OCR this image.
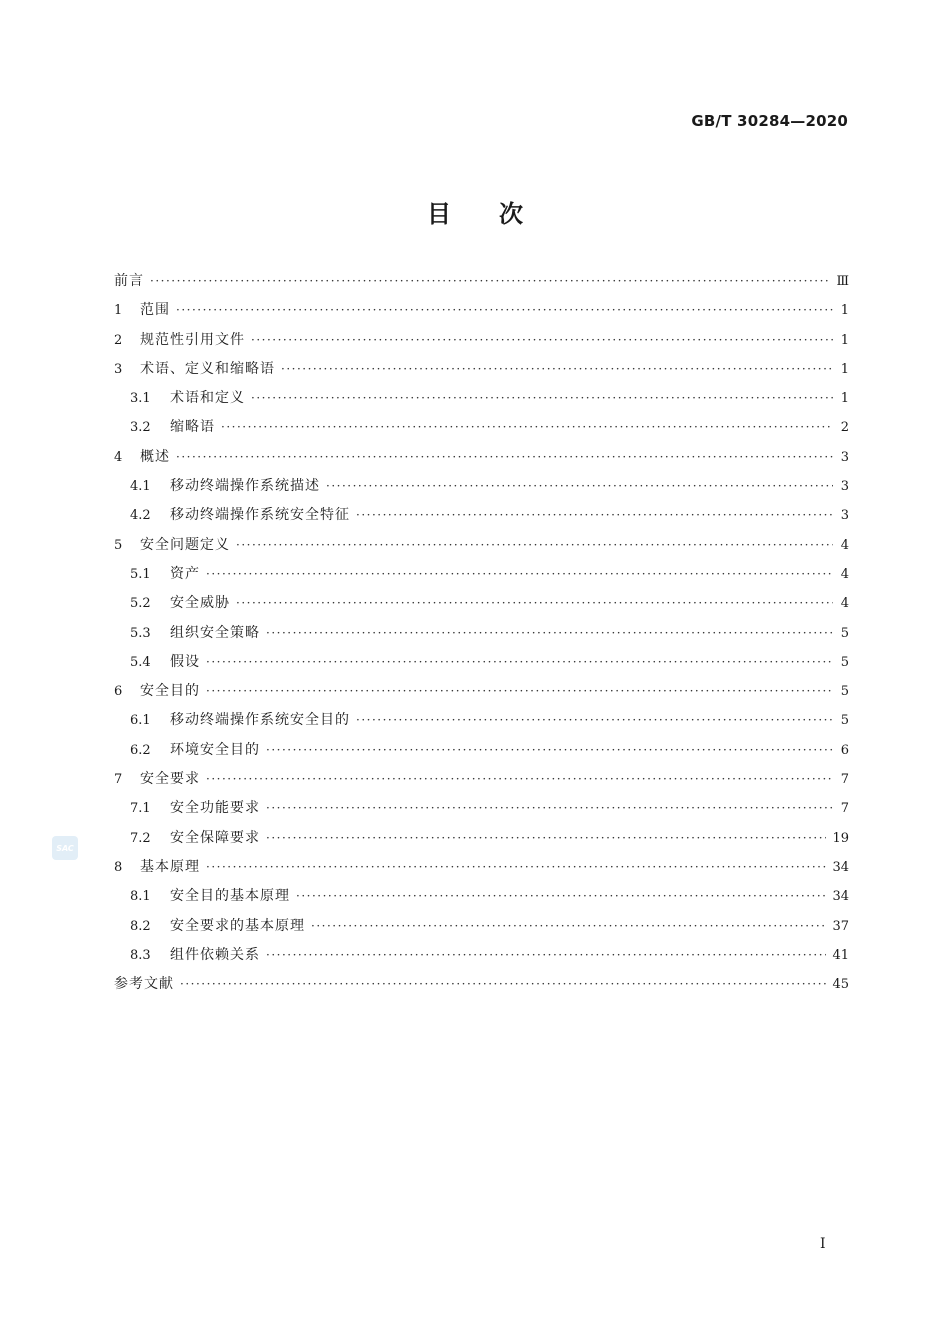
GB/T 30284—2020
目次
前言 ·····	Ⅲ
1	范围 ·····	1
2	规范性引用文件 ·····	1
3	术语、定义和缩略语 ·····	1
3.1	术语和定义 ·····	1
3.2	缩略语 ·····	2
4	概述 ·····	3
4.1	移动终端操作系统描述 ·····	3
4.2	移动终端操作系统安全特征 ·····	3
5	安全问题定义 ·····	4
5.1	资产 ·····	4
5.2	安全威胁 ·····	4
5.3	组织安全策略 ·····	5
5.4	假设 ·····	5
6	安全目的 ·····	5
6.1	移动终端操作系统安全目的 ·····	5
6.2	环境安全目的 ·····	6
7	安全要求 ·····	7
7.1	安全功能要求 ·····	7
7.2	安全保障要求 ·····	19
8	基本原理 ·····	34
8.1	安全目的基本原理 ·····	34
8.2	安全要求的基本原理 ·····	37
8.3	组件依赖关系 ·····	41
参考文献 ·····	45
SAC
Ⅰ
